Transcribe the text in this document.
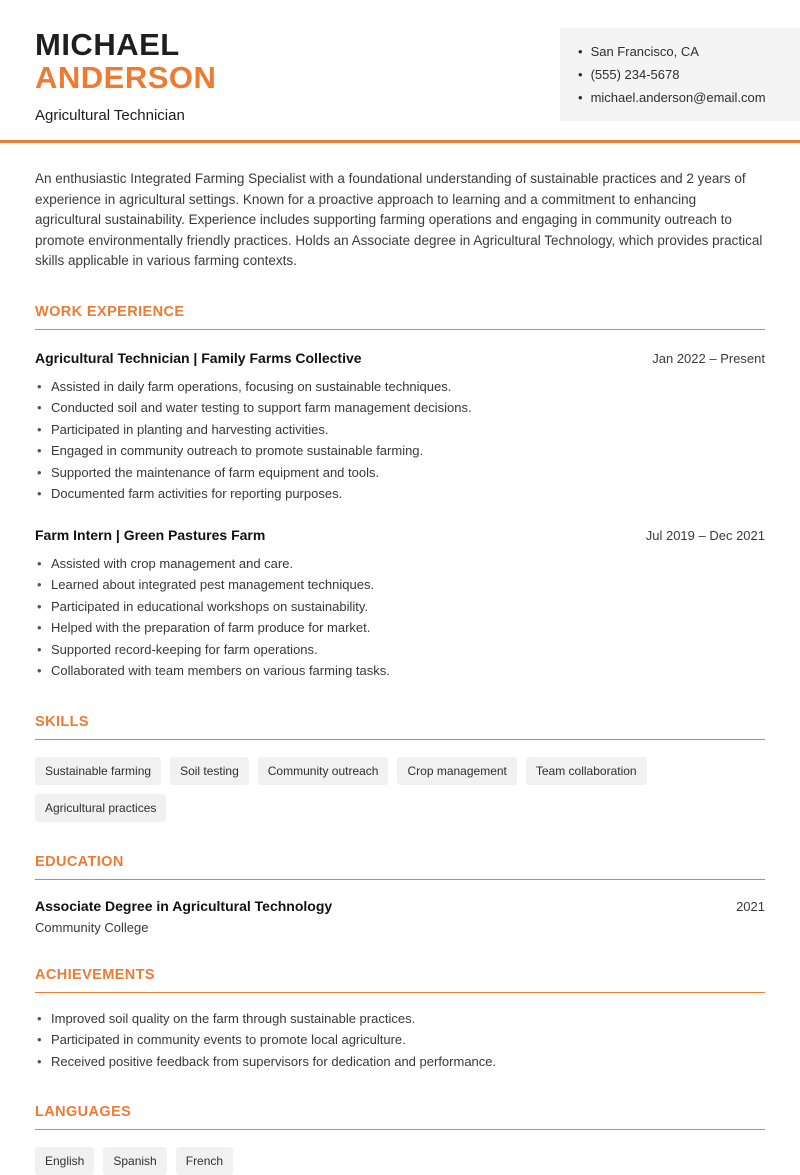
MICHAEL
ANDERSON
Agricultural Technician
• San Francisco, CA
• (555) 234-5678
• michael.anderson@email.com

An enthusiastic Integrated Farming Specialist with a foundational understanding of sustainable practices and 2 years of experience in agricultural settings. Known for a proactive approach to learning and a commitment to enhancing agricultural sustainability. Experience includes supporting farming operations and engaging in community outreach to promote environmentally friendly practices. Holds an Associate degree in Agricultural Technology, which provides practical skills applicable in various farming contexts.

WORK EXPERIENCE
Agricultural Technician | Family Farms Collective	Jan 2022 – Present
• Assisted in daily farm operations, focusing on sustainable techniques.
• Conducted soil and water testing to support farm management decisions.
• Participated in planting and harvesting activities.
• Engaged in community outreach to promote sustainable farming.
• Supported the maintenance of farm equipment and tools.
• Documented farm activities for reporting purposes.
Farm Intern | Green Pastures Farm	Jul 2019 – Dec 2021
• Assisted with crop management and care.
• Learned about integrated pest management techniques.
• Participated in educational workshops on sustainability.
• Helped with the preparation of farm produce for market.
• Supported record-keeping for farm operations.
• Collaborated with team members on various farming tasks.
SKILLS
Sustainable farming	Soil testing	Community outreach	Crop management	Team collaboration
Agricultural practices
EDUCATION
Associate Degree in Agricultural Technology	2021
Community College
ACHIEVEMENTS
• Improved soil quality on the farm through sustainable practices.
• Participated in community events to promote local agriculture.
• Received positive feedback from supervisors for dedication and performance.
LANGUAGES
English	Spanish	French
